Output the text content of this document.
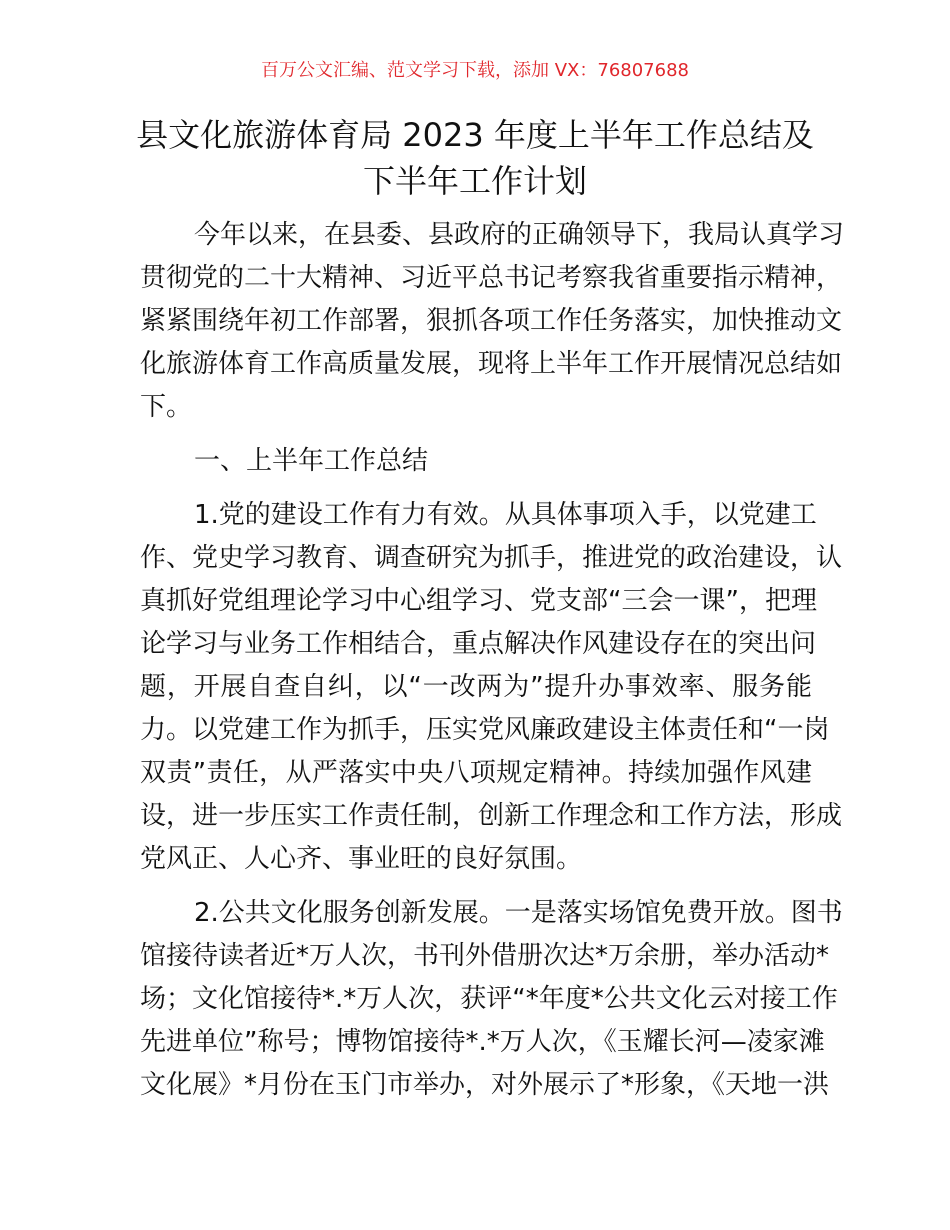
百万公文汇编、范文学习下载，添加 VX：76807688
县文化旅游体育局 2023 年度上半年工作总结及
下半年工作计划
今年以来，在县委、县政府的正确领导下，我局认真学习
贯彻党的二十大精神、习近平总书记考察我省重要指示精神，
紧紧围绕年初工作部署，狠抓各项工作任务落实，加快推动文
化旅游体育工作高质量发展，现将上半年工作开展情况总结如
下。
一、上半年工作总结
1.党的建设工作有力有效。从具体事项入手，以党建工
作、党史学习教育、调查研究为抓手，推进党的政治建设，认
真抓好党组理论学习中心组学习、党支部“三会一课”，把理
论学习与业务工作相结合，重点解决作风建设存在的突出问
题，开展自查自纠，以“一改两为”提升办事效率、服务能
力。以党建工作为抓手，压实党风廉政建设主体责任和“一岗
双责”责任，从严落实中央八项规定精神。持续加强作风建
设，进一步压实工作责任制，创新工作理念和工作方法，形成
党风正、人心齐、事业旺的良好氛围。
2.公共文化服务创新发展。一是落实场馆免费开放。图书
馆接待读者近*万人次，书刊外借册次达*万余册，举办活动*
场；文化馆接待*.*万人次，获评“*年度*公共文化云对接工作
先进单位”称号；博物馆接待*.*万人次，《玉耀长河—凌家滩
文化展》*月份在玉门市举办，对外展示了*形象，《天地一洪
